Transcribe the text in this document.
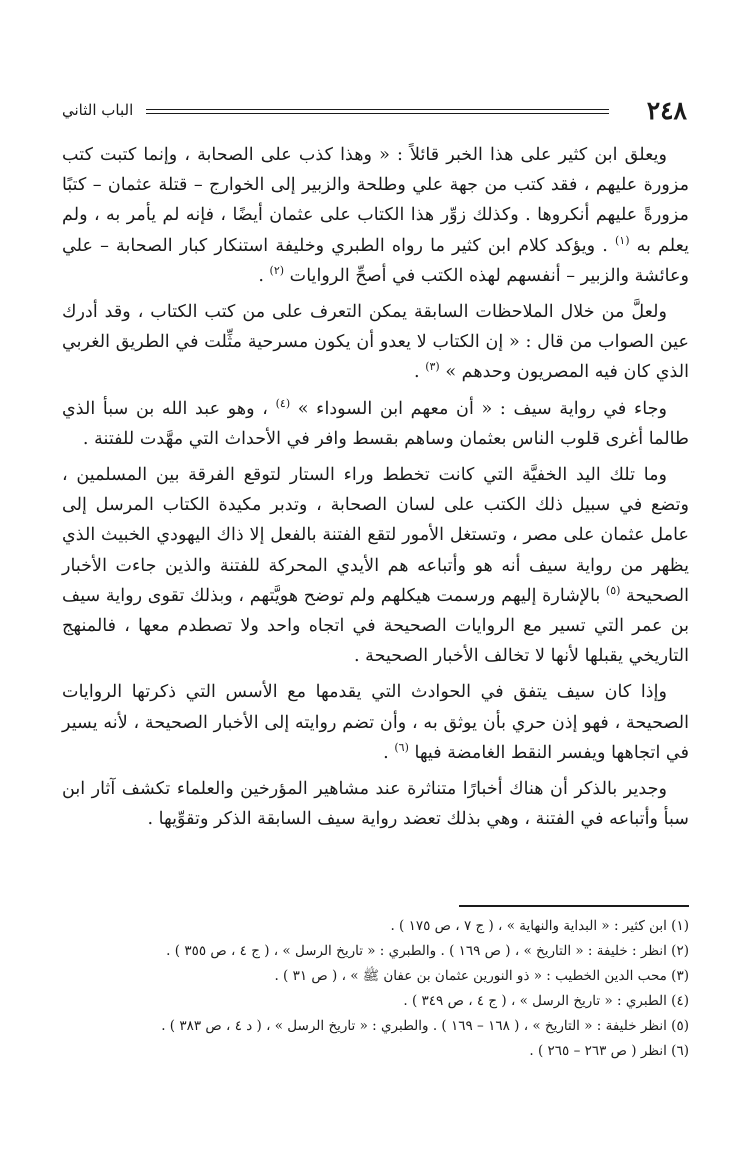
٢٤٨
الباب الثاني

ويعلق ابن كثير على هذا الخبر قائلاً : « وهذا كذب على الصحابة ، وإنما كتبت كتب مزورة عليهم ، فقد كتب من جهة علي وطلحة والزبير إلى الخوارج – قتلة عثمان – كتبًا مزورةً عليهم أنكروها . وكذلك زوِّر هذا الكتاب على عثمان أيضًا ، فإنه لم يأمر به ، ولم يعلم به $^{(١)}$ . ويؤكد كلام ابن كثير ما رواه الطبري وخليفة استنكار كبار الصحابة – علي وعائشة والزبير – أنفسهم لهذه الكتب في أصحِّ الروايات $^{(٢)}$ .

ولعلَّ من خلال الملاحظات السابقة يمكن التعرف على من كتب الكتاب ، وقد أدرك عين الصواب من قال : « إن الكتاب لا يعدو أن يكون مسرحية مثِّلت في الطريق الغربي الذي كان فيه المصريون وحدهم » $^{(٣)}$ .

وجاء في رواية سيف : « أن معهم ابن السوداء » $^{(٤)}$ ، وهو عبد الله بن سبأ الذي طالما أغرى قلوب الناس بعثمان وساهم بقسط وافر في الأحداث التي مهَّدت للفتنة .

وما تلك اليد الخفيَّة التي كانت تخطط وراء الستار لتوقع الفرقة بين المسلمين ، وتضع في سبيل ذلك الكتب على لسان الصحابة ، وتدبر مكيدة الكتاب المرسل إلى عامل عثمان على مصر ، وتستغل الأمور لتقع الفتنة بالفعل إلا ذاك اليهودي الخبيث الذي يظهر من رواية سيف أنه هو وأتباعه هم الأيدي المحركة للفتنة والذين جاءت الأخبار الصحيحة $^{(٥)}$ بالإشارة إليهم ورسمت هيكلهم ولم توضح هويَّتهم ، وبذلك تقوى رواية سيف بن عمر التي تسير مع الروايات الصحيحة في اتجاه واحد ولا تصطدم معها ، فالمنهج التاريخي يقبلها لأنها لا تخالف الأخبار الصحيحة .

وإذا كان سيف يتفق في الحوادث التي يقدمها مع الأسس التي ذكرتها الروايات الصحيحة ، فهو إذن حري بأن يوثق به ، وأن تضم روايته إلى الأخبار الصحيحة ، لأنه يسير في اتجاهها ويفسر النقط الغامضة فيها $^{(٦)}$ .

وجدير بالذكر أن هناك أخبارًا متناثرة عند مشاهير المؤرخين والعلماء تكشف آثار ابن سبأ وأتباعه في الفتنة ، وهي بذلك تعضد رواية سيف السابقة الذكر وتقوِّيها .

(١) ابن كثير : « البداية والنهاية » ، ( ج ٧ ، ص ١٧٥ ) .
(٢) انظر : خليفة : « التاريخ » ، ( ص ١٦٩ ) . والطبري : « تاريخ الرسل » ، ( ج ٤ ، ص ٣٥٥ ) .
(٣) محب الدين الخطيب : « ذو النورين عثمان بن عفان ﷺ » ، ( ص ٣١ ) .
(٤) الطبري : « تاريخ الرسل » ، ( ج ٤ ، ص ٣٤٩ ) .
(٥) انظر خليفة : « التاريخ » ، ( ١٦٨ – ١٦٩ ) . والطبري : « تاريخ الرسل » ، ( د ٤ ، ص ٣٨٣ ) .
(٦) انظر ( ص ٢٦٣ – ٢٦٥ ) .
